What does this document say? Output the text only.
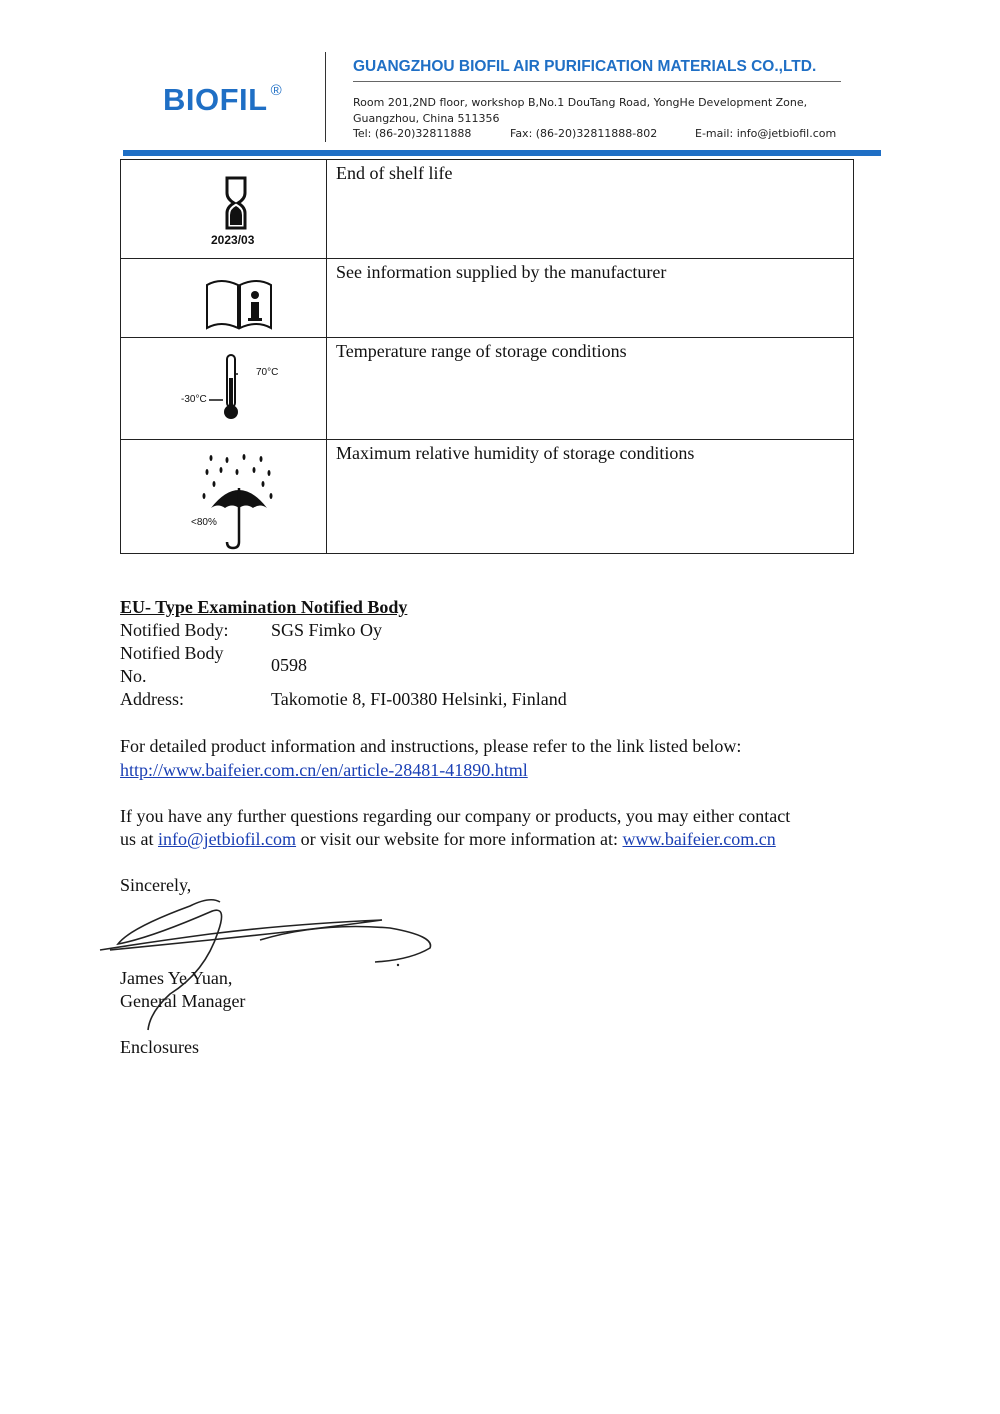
BIOFIL ®
GUANGZHOU BIOFIL AIR PURIFICATION MATERIALS CO.,LTD.
Room 201,2ND floor, workshop B,No.1 DouTang Road, YongHe Development Zone,
Guangzhou, China 511356
Tel: (86-20)32811888	Fax: (86-20)32811888-802	E-mail: info@jetbiofil.com
2023/03	End of shelf life

	See information supplied by the manufacturer

70°C
-30°C	Temperature range of storage conditions

<80%	Maximum relative humidity of storage conditions
EU- Type Examination Notified Body
Notified Body: SGS Fimko Oy
Notified Body
No.
0598
Address:	Takomotie 8, FI-00380 Helsinki, Finland
For detailed product information and instructions, please refer to the link listed below:
http://www.baifeier.com.cn/en/article-28481-41890.html
If you have any further questions regarding our company or products, you may either contact
us at info@jetbiofil.com or visit our website for more information at: www.baifeier.com.cn
Sincerely,
James Ye Yuan,
General Manager
Enclosures
